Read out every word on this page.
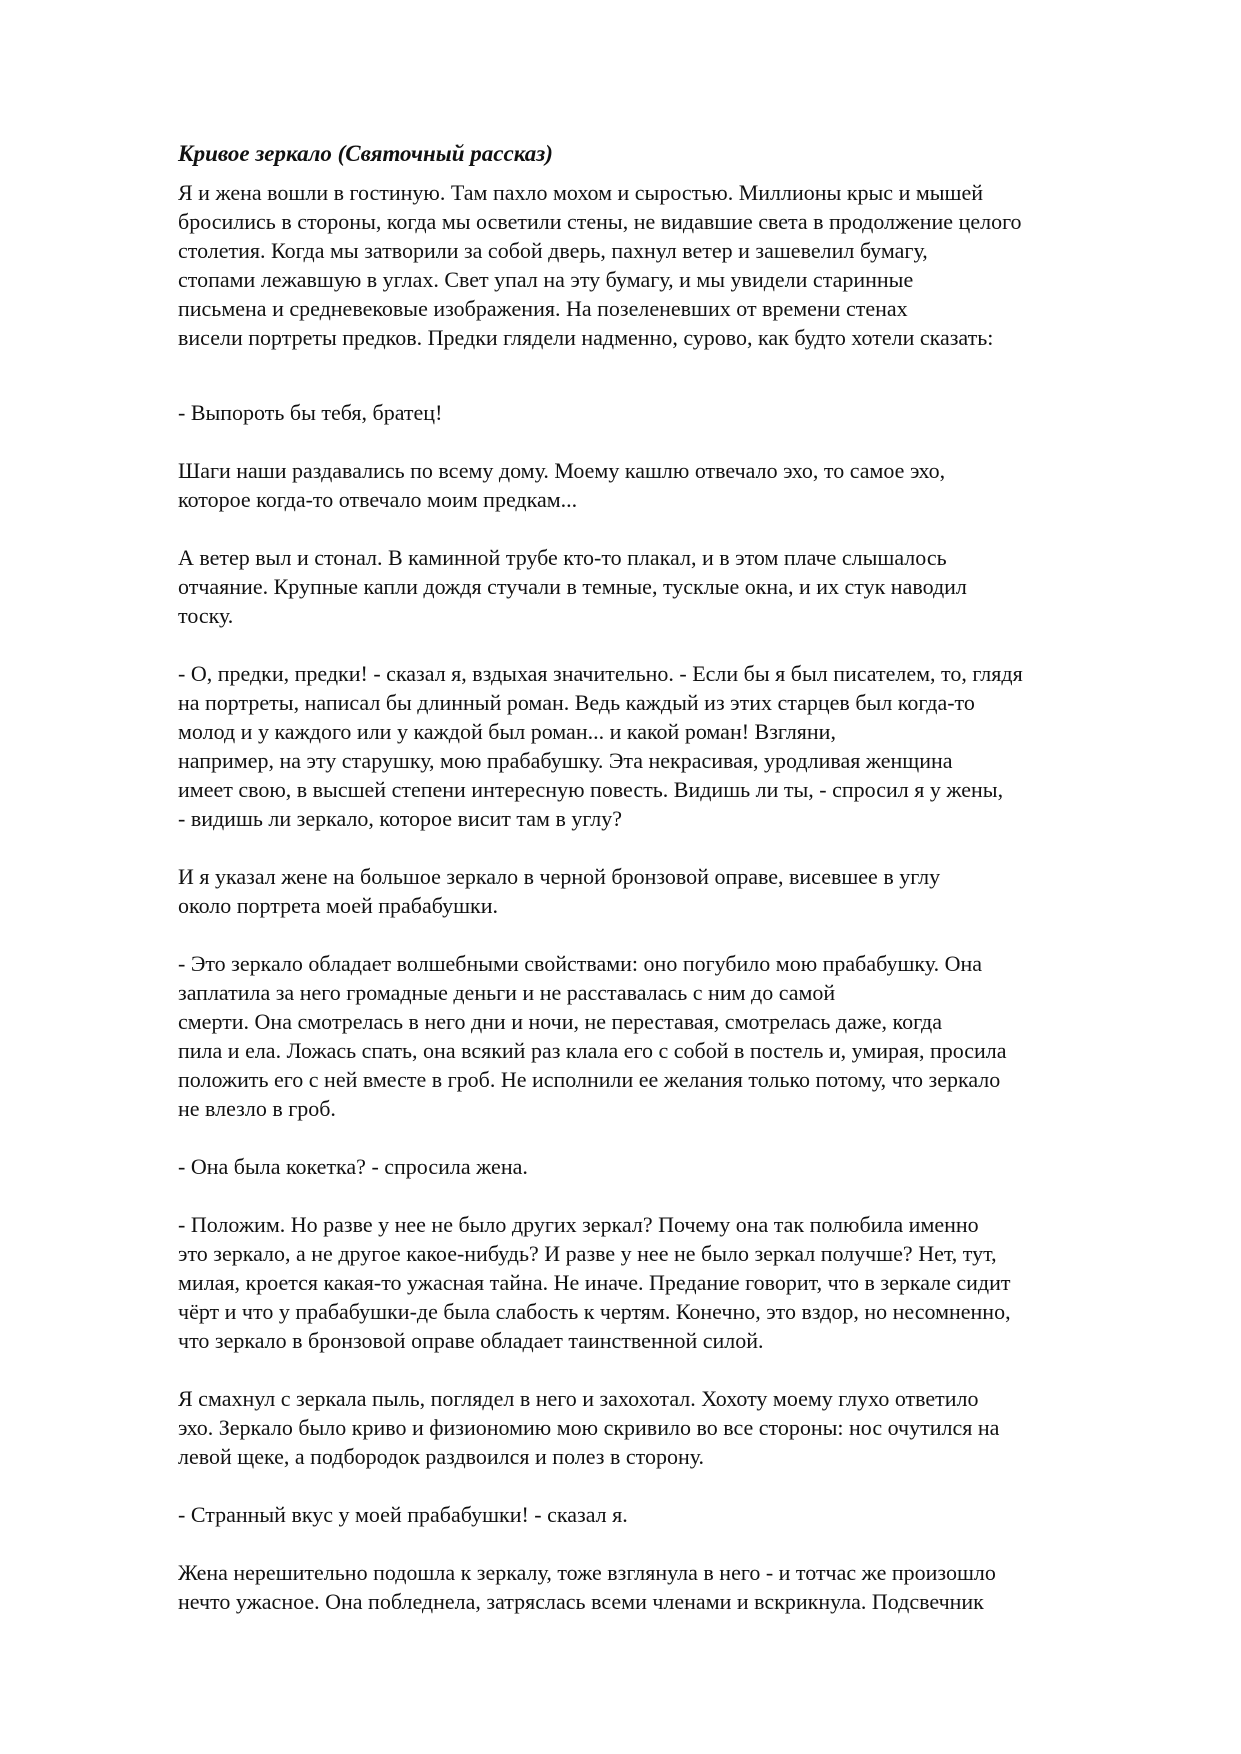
Кривое зеркало (Святочный рассказ)
Я и жена вошли в гостиную. Там пахло мохом и сыростью. Миллионы крыс и мышей
бросились в стороны, когда мы осветили стены, не видавшие света в продолжение целого
столетия. Когда мы затворили за собой дверь, пахнул ветер и зашевелил бумагу,
стопами лежавшую в углах. Свет упал на эту бумагу, и мы увидели старинные
письмена и средневековые изображения. На позеленевших от времени стенах
висели портреты предков. Предки глядели надменно, сурово, как будто хотели сказать:
- Выпороть бы тебя, братец!
Шаги наши раздавались по всему дому. Моему кашлю отвечало эхо, то самое эхо,
которое когда-то отвечало моим предкам...
А ветер выл и стонал. В каминной трубе кто-то плакал, и в этом плаче слышалось
отчаяние. Крупные капли дождя стучали в темные, тусклые окна, и их стук наводил
тоску.
- О, предки, предки! - сказал я, вздыхая значительно. - Если бы я был писателем, то, глядя
на портреты, написал бы длинный роман. Ведь каждый из этих старцев был когда-то
молод и у каждого или у каждой был роман... и какой роман! Взгляни,
например, на эту старушку, мою прабабушку. Эта некрасивая, уродливая женщина
имеет свою, в высшей степени интересную повесть. Видишь ли ты, - спросил я у жены,
- видишь ли зеркало, которое висит там в углу?
И я указал жене на большое зеркало в черной бронзовой оправе, висевшее в углу
около портрета моей прабабушки.
- Это зеркало обладает волшебными свойствами: оно погубило мою прабабушку. Она
заплатила за него громадные деньги и не расставалась с ним до самой
смерти. Она смотрелась в него дни и ночи, не переставая, смотрелась даже, когда
пила и ела. Ложась спать, она всякий раз клала его с собой в постель и, умирая, просила
положить его с ней вместе в гроб. Не исполнили ее желания только потому, что зеркало
не влезло в гроб.
- Она была кокетка? - спросила жена.
- Положим. Но разве у нее не было других зеркал? Почему она так полюбила именно
это зеркало, а не другое какое-нибудь? И разве у нее не было зеркал получше? Нет, тут,
милая, кроется какая-то ужасная тайна. Не иначе. Предание говорит, что в зеркале сидит
чёрт и что у прабабушки-де была слабость к чертям. Конечно, это вздор, но несомненно,
что зеркало в бронзовой оправе обладает таинственной силой.
Я смахнул с зеркала пыль, поглядел в него и захохотал. Хохоту моему глухо ответило
эхо. Зеркало было криво и физиономию мою скривило во все стороны: нос очутился на
левой щеке, а подбородок раздвоился и полез в сторону.
- Странный вкус у моей прабабушки! - сказал я.
Жена нерешительно подошла к зеркалу, тоже взглянула в него - и тотчас же произошло
нечто ужасное. Она побледнела, затряслась всеми членами и вскрикнула. Подсвечник
